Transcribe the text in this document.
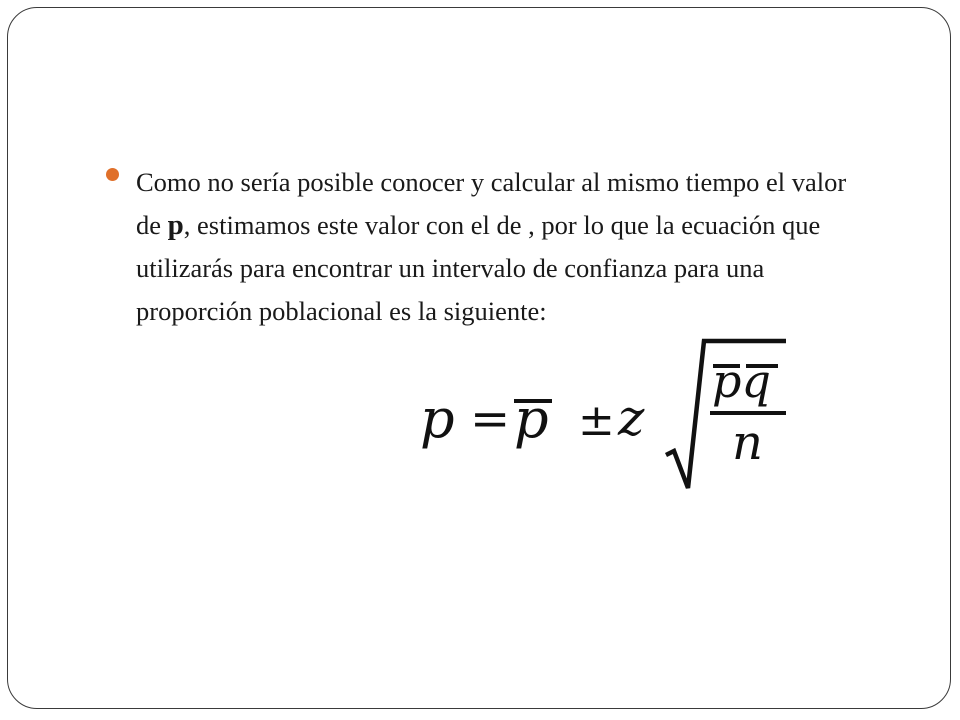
Como no sería posible conocer y calcular al mismo tiempo el valor de p, estimamos este valor con el de , por lo que la ecuación que utilizarás para encontrar un intervalo de confianza para una proporción poblacional es la siguiente:
p = p ± z
pq
n
